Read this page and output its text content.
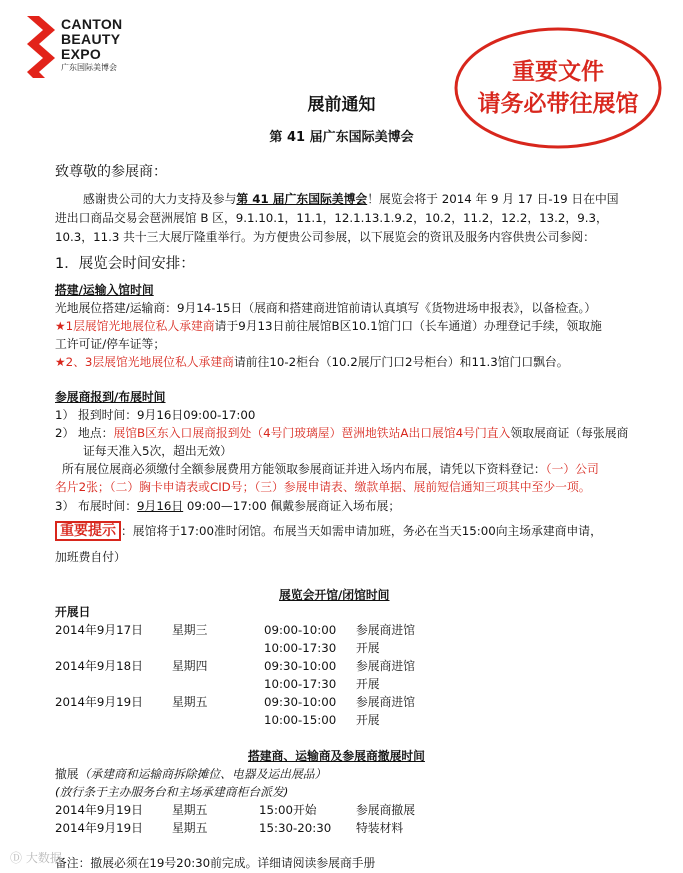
CANTON
BEAUTY
EXPO
广东国际美博会	重要文件
请务必带往展馆
展前通知
第 41 届广东国际美博会
致尊敬的参展商：
感谢贵公司的大力支持及参与第 41 届广东国际美博会！展览会将于 2014 年 9 月 17 日-19 日在中国
进出口商品交易会琶洲展馆 B 区，9.1.10.1，11.1，12.1.13.1.9.2，10.2，11.2，12.2，13.2，9.3，
10.3，11.3 共十三大展厅隆重举行。为方便贵公司参展，以下展览会的资讯及服务内容供贵公司参阅：
1．展览会时间安排：
搭建/运输入馆时间
光地展位搭建/运输商：9月14-15日（展商和搭建商进馆前请认真填写《货物进场申报表》，以备检查。）
★1层展馆光地展位私人承建商请于9月13日前往展馆B区10.1馆门口（长车通道）办理登记手续，领取施
工许可证/停车证等；
★2、3层展馆光地展位私人承建商请前往10-2柜台（10.2展厅门口2号柜台）和11.3馆门口飘台。
参展商报到/布展时间
1） 报到时间：9月16日09:00-17:00
2） 地点：展馆B区东入口展商报到处（4号门玻璃屋）琶洲地铁站A出口展馆4号门直入领取展商证（每张展商
证每天准入5次，超出无效）
所有展位展商必须缴付全额参展费用方能领取参展商证并进入场内布展，请凭以下资料登记：（一）公司
名片2张；（二）胸卡申请表或CID号；（三）参展申请表、缴款单据、展前短信通知三项其中至少一项。
3） 布展时间：9月16日 09:00—17:00 佩戴参展商证入场布展；
重要提示 ：展馆将于17:00准时闭馆。布展当天如需申请加班，务必在当天15:00向主场承建商申请，
加班费自付）
展览会开馆/闭馆时间
开展日
2014年9月17日 星期三	09:00-10:00 参展商进馆
10:00-17:30 开展
2014年9月18日 星期四	09:30-10:00 参展商进馆
10:00-17:30 开展
2014年9月19日 星期五	09:30-10:00 参展商进馆
10:00-15:00 开展
搭建商、运输商及参展商撤展时间
撤展（承建商和运输商拆除摊位、电器及运出展品）
(放行条于主办服务台和主场承建商柜台派发)
2014年9月19日 星期五	15:00开始	参展商撤展
2014年9月19日 星期五	15:30-20:30 特装材料
备注：撤展必须在19号20:30前完成。详细请阅读参展商手册
Ⓓ 大数据
